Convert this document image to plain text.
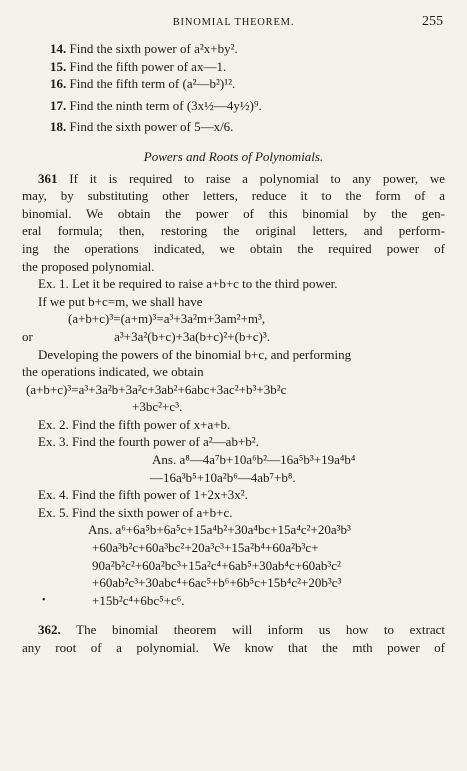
BINOMIAL THEOREM.	255
14. Find the sixth power of a²x+by².
15. Find the fifth power of ax—1.
16. Find the fifth term of (a²—b²)¹².
17. Find the ninth term of (3x½—4y½)⁹.
18. Find the sixth power of 5—x/6.
Powers and Roots of Polynomials.
361 If it is required to raise a polynomial to any power, we
may, by substituting other letters, reduce it to the form of a
binomial. We obtain the power of this binomial by the gen-
eral formula; then, restoring the original letters, and perform-
ing the operations indicated, we obtain the required power of
the proposed polynomial.
Ex. 1. Let it be required to raise a+b+c to the third power.
If we put b+c=m, we shall have
(a+b+c)³=(a+m)³=a³+3a²m+3am²+m³,
or	a³+3a²(b+c)+3a(b+c)²+(b+c)³.
Developing the powers of the binomial b+c, and performing
the operations indicated, we obtain
(a+b+c)³=a³+3a²b+3a²c+3ab²+6abc+3ac²+b³+3b²c
+3bc²+c³.
Ex. 2. Find the fifth power of x+a+b.
Ex. 3. Find the fourth power of a²—ab+b².
Ans. a⁸—4a⁷b+10a⁶b²—16a⁵b³+19a⁴b⁴
—16a³b⁵+10a²b⁶—4ab⁷+b⁸.
Ex. 4. Find the fifth power of 1+2x+3x².
Ex. 5. Find the sixth power of a+b+c.
Ans. a⁶+6a⁵b+6a⁵c+15a⁴b²+30a⁴bc+15a⁴c²+20a³b³
+60a³b²c+60a³bc²+20a³c³+15a²b⁴+60a²b³c+
90a²b²c²+60a²bc³+15a²c⁴+6ab⁵+30ab⁴c+60ab³c²
+60ab²c³+30abc⁴+6ac⁵+b⁶+6b⁵c+15b⁴c²+20b³c³
•	+15b²c⁴+6bc⁵+c⁶.
362. The binomial theorem will inform us how to extract
any root of a polynomial. We know that the mth power of
